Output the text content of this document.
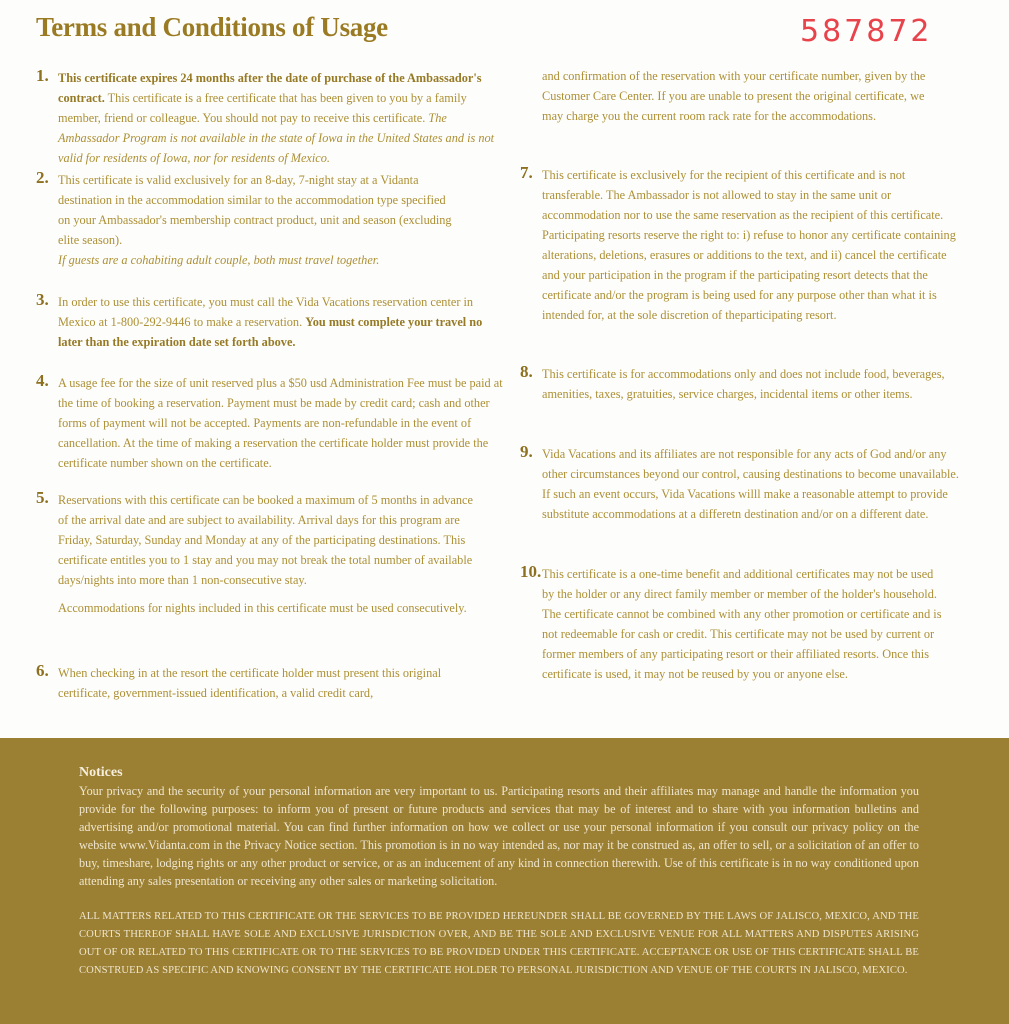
Terms and Conditions of Usage	587872
1. This certificate expires 24 months after the date of purchase of the Ambassador's contract. This certificate is a free certificate that has been given to you by a family member, friend or colleague. You should not pay to receive this certificate. The Ambassador Program is not available in the state of Iowa in the United States and is not valid for residents of Iowa, nor for residents of Mexico.
2. This certificate is valid exclusively for an 8-day, 7-night stay at a Vidanta destination in the accommodation similar to the accommodation type specified on your Ambassador's membership contract product, unit and season (excluding elite season).
If guests are a cohabiting adult couple, both must travel together.
3. In order to use this certificate, you must call the Vida Vacations reservation center in Mexico at 1-800-292-9446 to make a reservation. You must complete your travel no later than the expiration date set forth above.
4. A usage fee for the size of unit reserved plus a $50 usd Administration Fee must be paid at the time of booking a reservation. Payment must be made by credit card; cash and other forms of payment will not be accepted. Payments are non-refundable in the event of cancellation. At the time of making a reservation the certificate holder must provide the certificate number shown on the certificate.
5. Reservations with this certificate can be booked a maximum of 5 months in advance of the arrival date and are subject to availability. Arrival days for this program are Friday, Saturday, Sunday and Monday at any of the participating destinations. This certificate entitles you to 1 stay and you may not break the total number of available days/nights into more than 1 non-consecutive stay.
Accommodations for nights included in this certificate must be used consecutively.
6. When checking in at the resort the certificate holder must present this original certificate, government-issued identification, a valid credit card,
and confirmation of the reservation with your certificate number, given by the Customer Care Center. If you are unable to present the original certificate, we may charge you the current room rack rate for the accommodations.
7. This certificate is exclusively for the recipient of this certificate and is not transferable. The Ambassador is not allowed to stay in the same unit or accommodation nor to use the same reservation as the recipient of this certificate. Participating resorts reserve the right to: i) refuse to honor any certificate containing alterations, deletions, erasures or additions to the text, and ii) cancel the certificate and your participation in the program if the participating resort detects that the certificate and/or the program is being used for any purpose other than what it is intended for, at the sole discretion of theparticipating resort.
8. This certificate is for accommodations only and does not include food, beverages, amenities, taxes, gratuities, service charges, incidental items or other items.
9. Vida Vacations and its affiliates are not responsible for any acts of God and/or any other circumstances beyond our control, causing destinations to become unavailable. If such an event occurs, Vida Vacations willl make a reasonable attempt to provide substitute accommodations at a differetn destination and/or on a different date.
10. This certificate is a one-time benefit and additional certificates may not be used by the holder or any direct family member or member of the holder's household. The certificate cannot be combined with any other promotion or certificate and is not redeemable for cash or credit. This certificate may not be used by current or former members of any participating resort or their affiliated resorts. Once this certificate is used, it may not be reused by you or anyone else.
Notices
Your privacy and the security of your personal information are very important to us. Participating resorts and their affiliates may manage and handle the information you provide for the following purposes: to inform you of present or future products and services that may be of interest and to share with you information bulletins and advertising and/or promotional material. You can find further information on how we collect or use your personal information if you consult our privacy policy on the website www.Vidanta.com in the Privacy Notice section. This promotion is in no way intended as, nor may it be construed as, an offer to sell, or a solicitation of an offer to buy, timeshare, lodging rights or any other product or service, or as an inducement of any kind in connection therewith. Use of this certificate is in no way conditioned upon attending any sales presentation or receiving any other sales or marketing solicitation.
ALL MATTERS RELATED TO THIS CERTIFICATE OR THE SERVICES TO BE PROVIDED HEREUNDER SHALL BE GOVERNED BY THE LAWS OF JALISCO, MEXICO, AND THE COURTS THEREOF SHALL HAVE SOLE AND EXCLUSIVE JURISDICTION OVER, AND BE THE SOLE AND EXCLUSIVE VENUE FOR ALL MATTERS AND DISPUTES ARISING OUT OF OR RELATED TO THIS CERTIFICATE OR TO THE SERVICES TO BE PROVIDED UNDER THIS CERTIFICATE. ACCEPTANCE OR USE OF THIS CERTIFICATE SHALL BE CONSTRUED AS SPECIFIC AND KNOWING CONSENT BY THE CERTIFICATE HOLDER TO PERSONAL JURISDICTION AND VENUE OF THE COURTS IN JALISCO, MEXICO.
